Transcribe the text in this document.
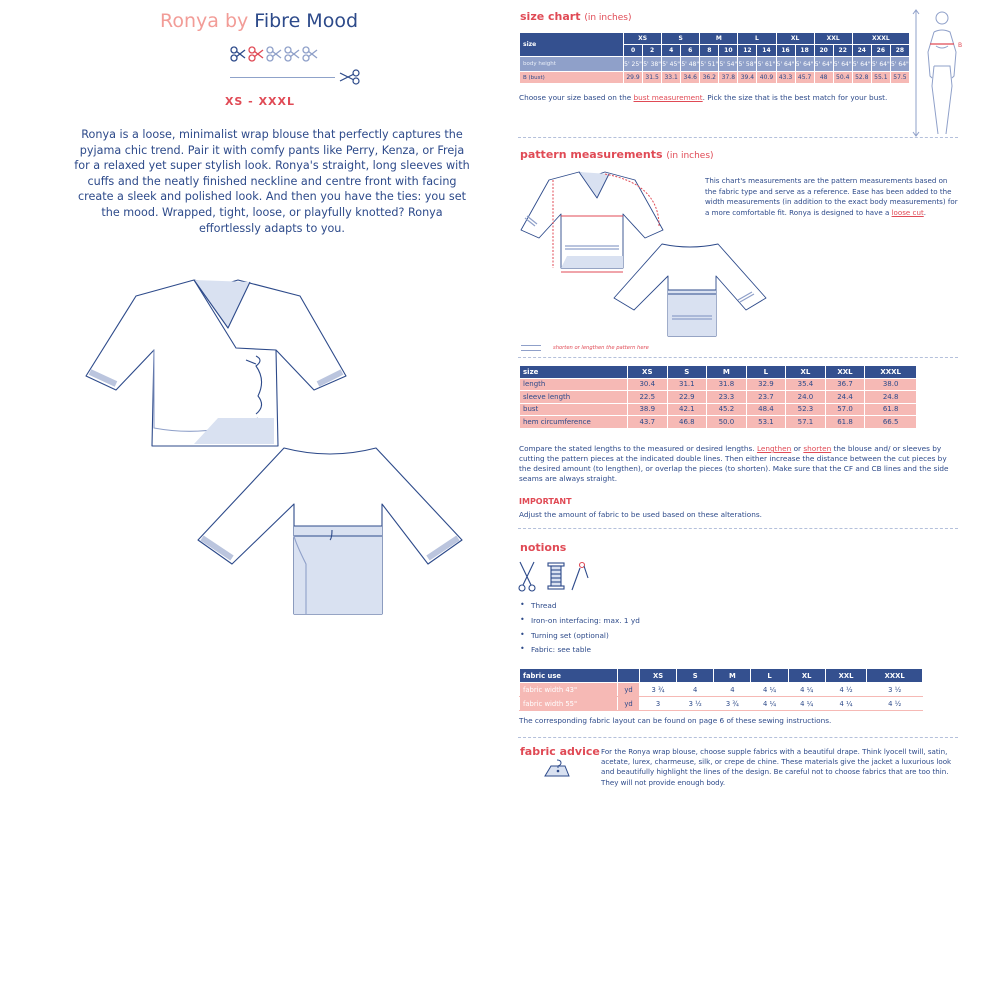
Ronya by Fibre Mood
XS - XXXL

Ronya is a loose, minimalist wrap blouse that perfectly captures the pyjama chic trend. Pair it with comfy pants like Perry, Kenza, or Freja for a relaxed yet super stylish look. Ronya's straight, long sleeves with cuffs and the neatly finished neckline and centre front with facing create a sleek and polished look. And then you have the ties: you set the mood. Wrapped, tight, loose, or playfully knotted? Ronya effortlessly adapts to you.

size chart (in inches)
size	XS		S		M		L		XL		XXL		XXXL		
	0	2	4	6	8	10	12	14	16	18	20	22	24	26	28
body height	5' 25"	5' 38"	5' 45"	5' 48"	5' 51"	5' 54"	5' 58"	5' 61"	5' 64"	5' 64"	5' 64"	5' 64"	5' 64"	5' 64"	5' 64"
B (bust)	29.9	31.5	33.1	34.6	36.2	37.8	39.4	40.9	43.3	45.7	48	50.4	52.8	55.1	57.5
Choose your size based on the bust measurement. Pick the size that is the best match for your bust.
B
pattern measurements (in inches)

This chart's measurements are the pattern measurements based on the fabric type and serve as a reference. Ease has been added to the width measurements (in addition to the exact body measurements) for a more comfortable fit. Ronya is designed to have a loose cut.

shorten or lengthen the pattern here
size	XS	S	M	L	XL	XXL	XXXL
length	30.4	31.1	31.8	32.9	35.4	36.7	38.0
sleeve length	22.5	22.9	23.3	23.7	24.0	24.4	24.8
bust	38.9	42.1	45.2	48.4	52.3	57.0	61.8
hem circumference	43.7	46.8	50.0	53.1	57.1	61.8	66.5

Compare the stated lengths to the measured or desired lengths. Lengthen or shorten the blouse and/ or sleeves by cutting the pattern pieces at the indicated double lines. Then either increase the distance between the cut pieces by the desired amount (to lengthen), or overlap the pieces (to shorten). Make sure that the CF and CB lines and the side seams are always straight.

IMPORTANT
Adjust the amount of fabric to be used based on these alterations.
notions
• Thread
• Iron-on interfacing: max. 1 yd
• Turning set (optional)
• Fabric: see table
fabric use		XS	S	M	L	XL	XXL	XXXL
fabric width 43"	yd	3 ¾	4	4	4 ¼	4 ¼	4 ½	3 ½
fabric width 55"	yd	3	3 ½	3 ¾	4 ¼	4 ¼	4 ¼	4 ½
The corresponding fabric layout can be found on page 6 of these sewing instructions.
fabric advice For the Ronya wrap blouse, choose supple fabrics with a beautiful drape. Think lyocell twill, satin, acetate, lurex, charmeuse, silk, or crepe de chine. These materials give the jacket a luxurious look and beautifully highlight the lines of the design. Be careful not to choose fabrics that are too thin. They will not provide enough body.
